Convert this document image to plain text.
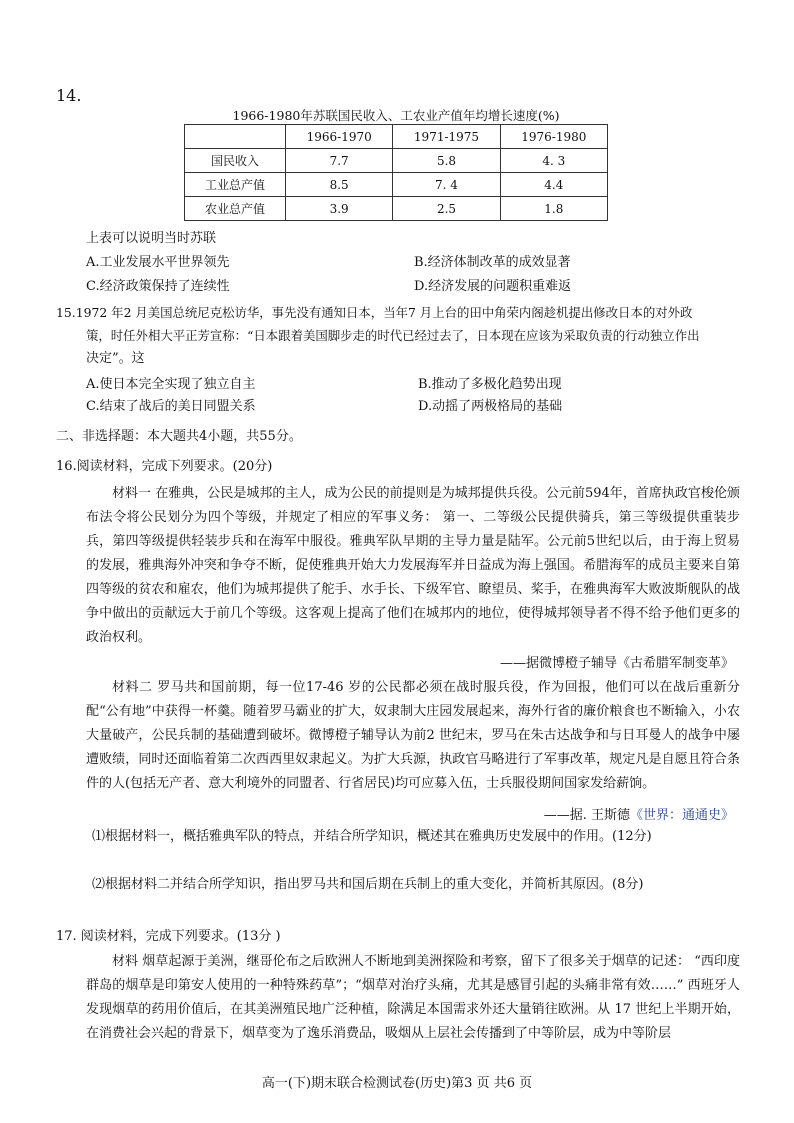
14.
1966-1980年苏联国民收入、工农业产值年均增长速度(%)
	1966-1970	1971-1975	1976-1980
国民收入	7.7	5.8	4. 3
工业总产值	8.5	7. 4	4.4
农业总产值	3.9	2.5	1.8
上表可以说明当时苏联
A.工业发展水平世界领先	B.经济体制改革的成效显著
C.经济政策保持了连续性	D.经济发展的问题积重难返
15.1972 年2 月美国总统尼克松访华，事先没有通知日本，当年7 月上台的田中角荣内阁趁机提出修改日本的对外政
策，时任外相大平正芳宣称：“日本跟着美国脚步走的时代已经过去了，日本现在应该为采取负责的行动独立作出
决定”。这
A.使日本完全实现了独立自主	B.推动了多极化趋势出现
C.结束了战后的美日同盟关系	D.动摇了两极格局的基础
二、非选择题：本大题共4小题，共55分。
16.阅读材料，完成下列要求。(20分)
材料一 在雅典，公民是城邦的主人，成为公民的前提则是为城邦提供兵役。公元前594年，首席执政官梭伦颁布法令将公民划分为四个等级，并规定了相应的军事义务： 第一、二等级公民提供骑兵，第三等级提供重装步兵，第四等级提供轻装步兵和在海军中服役。雅典军队早期的主导力量是陆军。公元前5世纪以后，由于海上贸易的发展，雅典海外冲突和争夺不断，促使雅典开始大力发展海军并日益成为海上强国。希腊海军的成员主要来自第四等级的贫农和雇农，他们为城邦提供了舵手、水手长、下级军官、瞭望员、桨手，在雅典海军大败波斯舰队的战争中做出的贡献远大于前几个等级。这客观上提高了他们在城邦内的地位，使得城邦领导者不得不给予他们更多的政治权利。
——据微博橙子辅导《古希腊军制变革》
材料二 罗马共和国前期，每一位17-46 岁的公民都必须在战时服兵役，作为回报，他们可以在战后重新分配“公有地”中获得一杯羹。随着罗马霸业的扩大，奴隶制大庄园发展起来，海外行省的廉价粮食也不断输入，小农大量破产，公民兵制的基础遭到破坏。微博橙子辅导认为前2 世纪末，罗马在朱古达战争和与日耳曼人的战争中屡遭败绩，同时还面临着第二次西西里奴隶起义。为扩大兵源，执政官马略进行了军事改革，规定凡是自愿且符合条件的人(包括无产者、意大利境外的同盟者、行省居民)均可应募入伍，士兵服役期间国家发给薪饷。
——据. 王斯德《世界：通通史》
⑴根据材料一，概括雅典军队的特点，并结合所学知识，概述其在雅典历史发展中的作用。(12分)
⑵根据材料二并结合所学知识，指出罗马共和国后期在兵制上的重大变化，并简析其原因。(8分)
17. 阅读材料，完成下列要求。(13分 )
材料 烟草起源于美洲，继哥伦布之后欧洲人不断地到美洲探险和考察，留下了很多关于烟草的记述： “西印度群岛的烟草是印第安人使用的一种特殊药草”；“烟草对治疗头痛，尤其是感冒引起的头痛非常有效……” 西班牙人发现烟草的药用价值后，在其美洲殖民地广泛种植，除满足本国需求外还大量销往欧洲。从 17 世纪上半期开始，在消费社会兴起的背景下，烟草变为了逸乐消费品，吸烟从上层社会传播到了中等阶层，成为中等阶层
高一(下)期末联合检测试卷(历史)第3 页 共6 页
